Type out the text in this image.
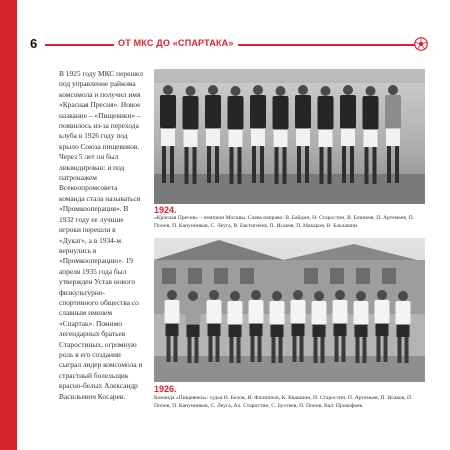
6	ОТ МКС ДО «СПАРТАКА»

В 1925 году МКС перешел под управление райкома комсомола и получил имя «Красная Пресня». Новое название – «Пищевики» – появилось из-за перехода клуба в 1926 году под крыло Союза пищевиков. Через 5 лет он был ликвидирован: и под патронажем Всекоопромсовета команда стала называться «Промкооперация». В 1932 году ее лучшие игроки перешли в «Дукат», а в 1934-м вернулись в «Промкооперацию». 19 апреля 1935 года был утвержден Устав нового физкультурно-спортивного общества со славным именем «Спартак». Помимо легендарных братьев Старостиных, огромную роль в его создании сыграл лидер комсомола и страстный болельщик красно-белых Александр Васильевич Косарев.

1924.
«Красная Пресня» – чемпион Москвы. Слева направо: В. Байдин, Н. Старостин, В. Блинков, П. Артемьев, П. Попов, П. Канунников, С. Леуга, В. Евстигнеев, П. Исаков, П. Макаров, В. Баклашин.
1926.
Команда «Пищевики»: судья Н. Белов, И. Филиппов, К. Квашнин, Н. Старостин, П. Артемьев, П. Исаков, П. Попов, П. Канунников, С. Леуга, Ал. Старостин, С. Бухтеев, П. Попов, Вал. Прокофьев.
